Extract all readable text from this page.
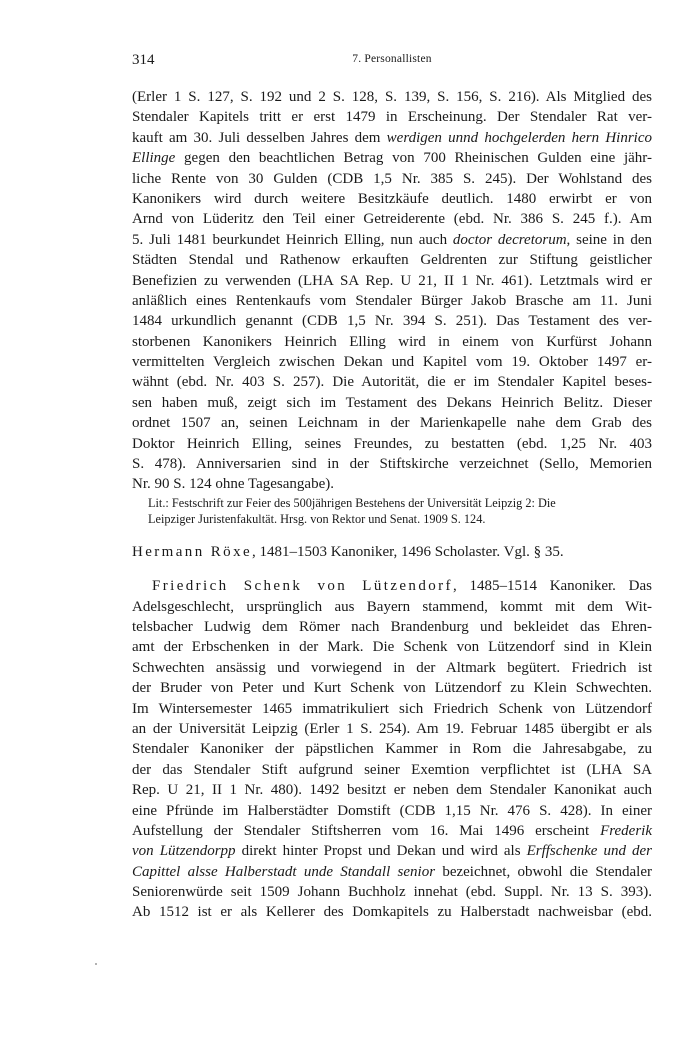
314	7. Personallisten
(Erler 1 S. 127, S. 192 und 2 S. 128, S. 139, S. 156, S. 216). Als Mitglied des
Stendaler Kapitels tritt er erst 1479 in Erscheinung. Der Stendaler Rat ver-
kauft am 30. Juli desselben Jahres dem werdigen unnd hochgelerden hern Hinrico
Ellinge gegen den beachtlichen Betrag von 700 Rheinischen Gulden eine jähr-
liche Rente von 30 Gulden (CDB 1,5 Nr. 385 S. 245). Der Wohlstand des
Kanonikers wird durch weitere Besitzkäufe deutlich. 1480 erwirbt er von
Arnd von Lüderitz den Teil einer Getreiderente (ebd. Nr. 386 S. 245 f.). Am
5. Juli 1481 beurkundet Heinrich Elling, nun auch doctor decretorum, seine in den
Städten Stendal und Rathenow erkauften Geldrenten zur Stiftung geistlicher
Benefizien zu verwenden (LHA SA Rep. U 21, II 1 Nr. 461). Letztmals wird er
anläßlich eines Rentenkaufs vom Stendaler Bürger Jakob Brasche am 11. Juni
1484 urkundlich genannt (CDB 1,5 Nr. 394 S. 251). Das Testament des ver-
storbenen Kanonikers Heinrich Elling wird in einem von Kurfürst Johann
vermittelten Vergleich zwischen Dekan und Kapitel vom 19. Oktober 1497 er-
wähnt (ebd. Nr. 403 S. 257). Die Autorität, die er im Stendaler Kapitel beses-
sen haben muß, zeigt sich im Testament des Dekans Heinrich Belitz. Dieser
ordnet 1507 an, seinen Leichnam in der Marienkapelle nahe dem Grab des
Doktor Heinrich Elling, seines Freundes, zu bestatten (ebd. 1,25 Nr. 403
S. 478). Anniversarien sind in der Stiftskirche verzeichnet (Sello, Memorien
Nr. 90 S. 124 ohne Tagesangabe).
Lit.: Festschrift zur Feier des 500jährigen Bestehens der Universität Leipzig 2: Die
Leipziger Juristenfakultät. Hrsg. von Rektor und Senat. 1909 S. 124.
Hermann Röxe, 1481–1503 Kanoniker, 1496 Scholaster. Vgl. § 35.
Friedrich Schenk von Lützendorf, 1485–1514 Kanoniker. Das
Adelsgeschlecht, ursprünglich aus Bayern stammend, kommt mit dem Wit-
telsbacher Ludwig dem Römer nach Brandenburg und bekleidet das Ehren-
amt der Erbschenken in der Mark. Die Schenk von Lützendorf sind in Klein
Schwechten ansässig und vorwiegend in der Altmark begütert. Friedrich ist
der Bruder von Peter und Kurt Schenk von Lützendorf zu Klein Schwechten.
Im Wintersemester 1465 immatrikuliert sich Friedrich Schenk von Lützendorf
an der Universität Leipzig (Erler 1 S. 254). Am 19. Februar 1485 übergibt er als
Stendaler Kanoniker der päpstlichen Kammer in Rom die Jahresabgabe, zu
der das Stendaler Stift aufgrund seiner Exemtion verpflichtet ist (LHA SA
Rep. U 21, II 1 Nr. 480). 1492 besitzt er neben dem Stendaler Kanonikat auch
eine Pfründe im Halberstädter Domstift (CDB 1,15 Nr. 476 S. 428). In einer
Aufstellung der Stendaler Stiftsherren vom 16. Mai 1496 erscheint Frederik
von Lützendorpp direkt hinter Propst und Dekan und wird als Erffschenke und der
Capittel alsse Halberstadt unde Standall senior bezeichnet, obwohl die Stendaler
Seniorenwürde seit 1509 Johann Buchholz innehat (ebd. Suppl. Nr. 13 S. 393).
Ab 1512 ist er als Kellerer des Domkapitels zu Halberstadt nachweisbar (ebd.
